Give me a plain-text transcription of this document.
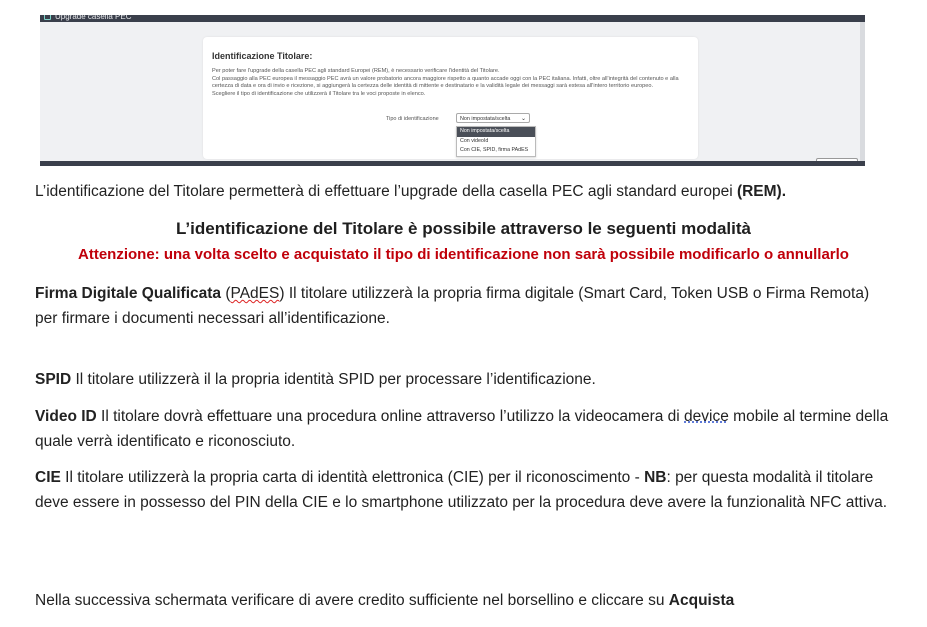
Upgrade casella PEC
Identificazione Titolare:
Per poter fare l'upgrade della casella PEC agli standard Europei (REM), è necessario verificare l'identità del Titolare.
Col passaggio alla PEC europea il messaggio PEC avrà un valore probatorio ancora maggiore rispetto a quanto accade oggi con la PEC italiana. Infatti, oltre all'integrità del contenuto e alla certezza di data e ora di invio e ricezione, si aggiungerà la certezza delle identità di mittente e destinatario e la validità legale dei messaggi sarà estesa all'intero territorio europeo.
Scegliere il tipo di identificazione che utilizzerà il Titolare tra le voci proposte in elenco.
Tipo di identificazione	Non impostata/scelta ⌄
Non impostata/scelta
Con videoId
Con CIE, SPID, firma PAdES

L’identificazione del Titolare permetterà di effettuare l’upgrade della casella PEC agli standard europei (REM).

L’identificazione del Titolare è possibile attraverso le seguenti modalità

Attenzione: una volta scelto e acquistato il tipo di identificazione non sarà possibile modificarlo o annullarlo

Firma Digitale Qualificata (PAdES) Il titolare utilizzerà la propria firma digitale (Smart Card, Token USB o Firma Remota) per firmare i documenti necessari all’identificazione.

SPID Il titolare utilizzerà il la propria identità SPID per processare l’identificazione.

Video ID Il titolare dovrà effettuare una procedura online attraverso l’utilizzo la videocamera di device mobile al termine della quale verrà identificato e riconosciuto.

CIE Il titolare utilizzerà la propria carta di identità elettronica (CIE) per il riconoscimento - NB: per questa modalità il titolare deve essere in possesso del PIN della CIE e lo smartphone utilizzato per la procedura deve avere la funzionalità NFC attiva.

Nella successiva schermata verificare di avere credito sufficiente nel borsellino e cliccare su Acquista
